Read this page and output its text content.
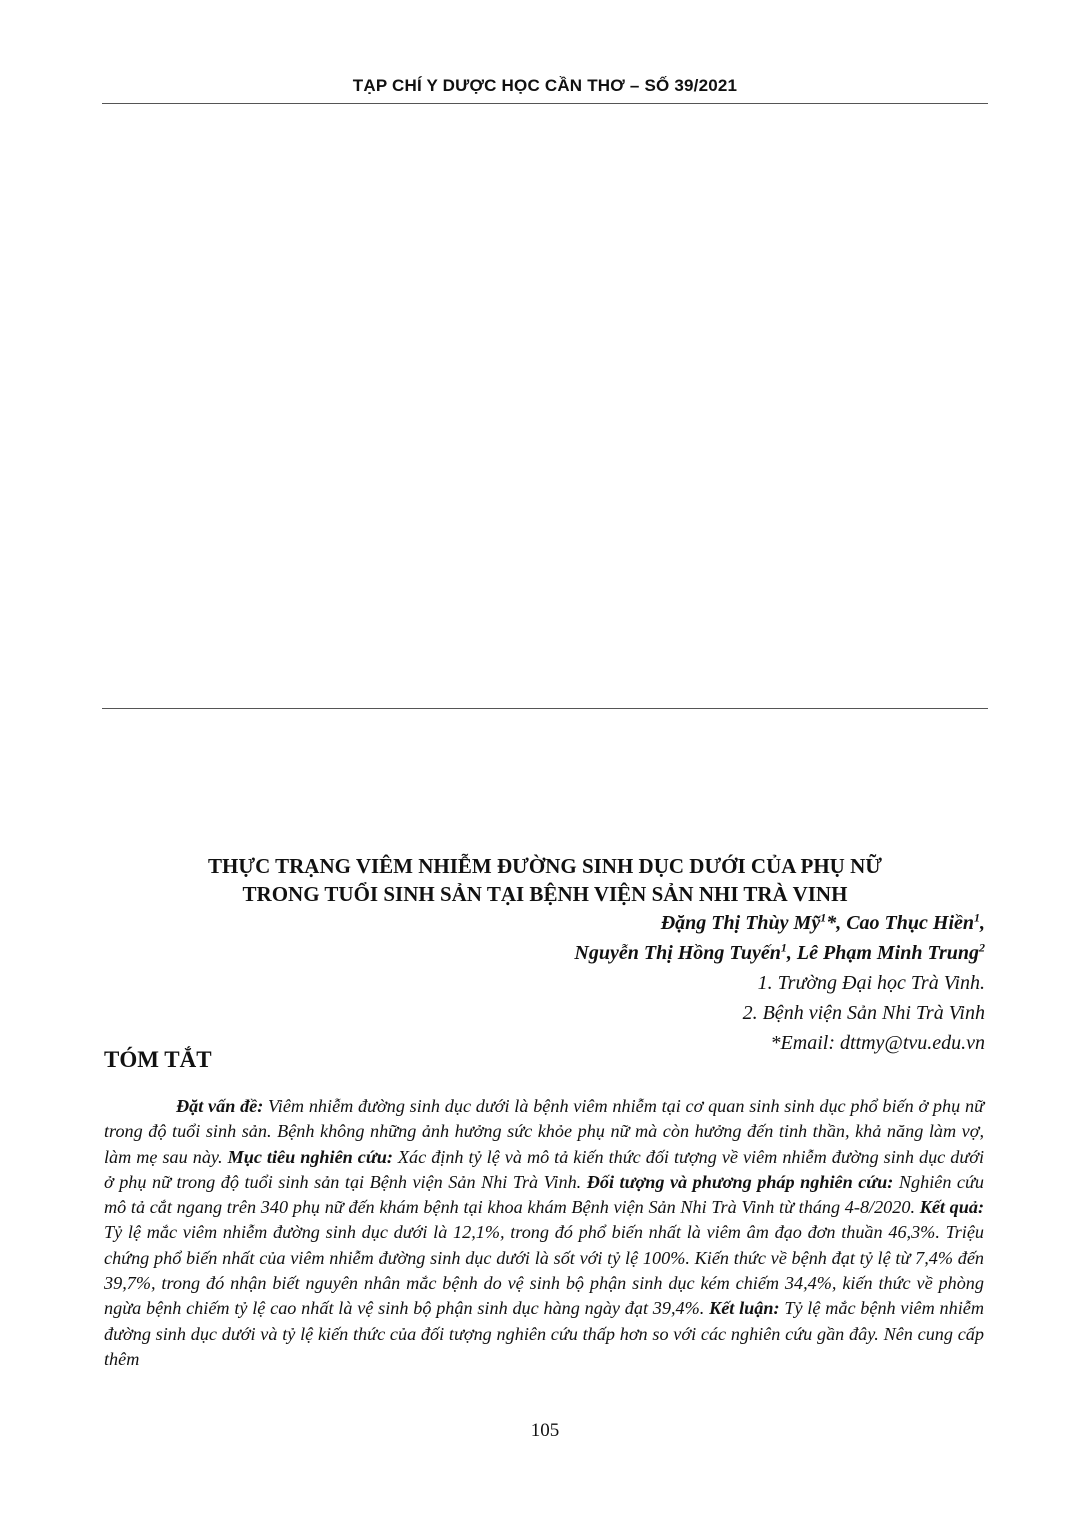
TẠP CHÍ Y DƯỢC HỌC CẦN THƠ – SỐ 39/2021
THỰC TRẠNG VIÊM NHIỄM ĐƯỜNG SINH DỤC DƯỚI CỦA PHỤ NỮ
TRONG TUỔI SINH SẢN TẠI BỆNH VIỆN SẢN NHI TRÀ VINH
Đặng Thị Thùy Mỹ$^1$*, Cao Thục Hiền$^1$,
Nguyễn Thị Hồng Tuyến$^1$, Lê Phạm Minh Trung$^2$
1. Trường Đại học Trà Vinh.
2. Bệnh viện Sản Nhi Trà Vinh
*Email: dttmy@tvu.edu.vn
TÓM TẮT

Đặt vấn đề: Viêm nhiễm đường sinh dục dưới là bệnh viêm nhiễm tại cơ quan sinh sinh dục phổ biến ở phụ nữ trong độ tuổi sinh sản. Bệnh không những ảnh hưởng sức khỏe phụ nữ mà còn hưởng đến tinh thần, khả năng làm vợ, làm mẹ sau này. Mục tiêu nghiên cứu: Xác định tỷ lệ và mô tả kiến thức đối tượng về viêm nhiễm đường sinh dục dưới ở phụ nữ trong độ tuổi sinh sản tại Bệnh viện Sản Nhi Trà Vinh. Đối tượng và phương pháp nghiên cứu: Nghiên cứu mô tả cắt ngang trên 340 phụ nữ đến khám bệnh tại khoa khám Bệnh viện Sản Nhi Trà Vinh từ tháng 4-8/2020. Kết quả: Tỷ lệ mắc viêm nhiễm đường sinh dục dưới là 12,1%, trong đó phổ biến nhất là viêm âm đạo đơn thuần 46,3%. Triệu chứng phổ biến nhất của viêm nhiễm đường sinh dục dưới là sốt với tỷ lệ 100%. Kiến thức về bệnh đạt tỷ lệ từ 7,4% đến 39,7%, trong đó nhận biết nguyên nhân mắc bệnh do vệ sinh bộ phận sinh dục kém chiếm 34,4%, kiến thức về phòng ngừa bệnh chiếm tỷ lệ cao nhất là vệ sinh bộ phận sinh dục hàng ngày đạt 39,4%. Kết luận: Tỷ lệ mắc bệnh viêm nhiễm đường sinh dục dưới và tỷ lệ kiến thức của đối tượng nghiên cứu thấp hơn so với các nghiên cứu gần đây. Nên cung cấp thêm

105
